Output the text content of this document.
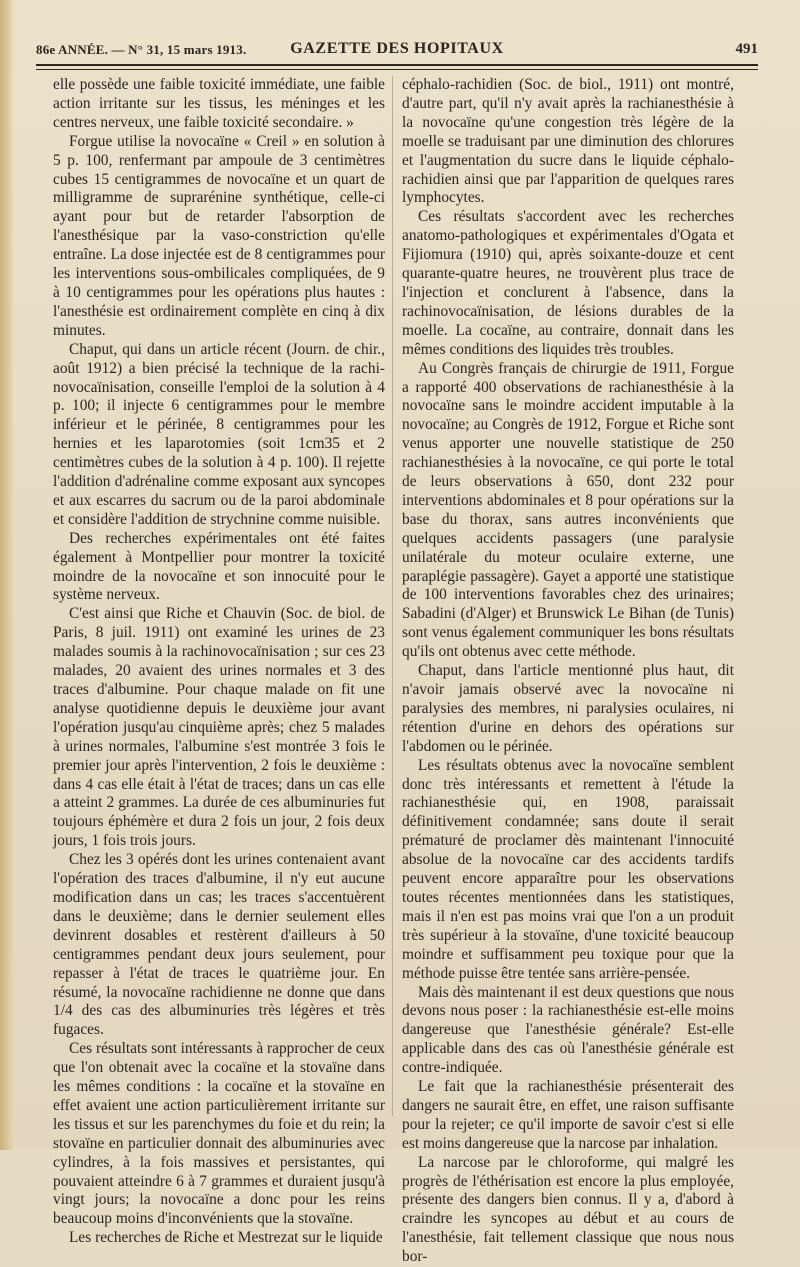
86e ANNÉE. — N° 31, 15 mars 1913.	GAZETTE DES HOPITAUX	491

elle possède une faible toxicité immédiate, une faible action irritante sur les tissus, les méninges et les centres nerveux, une faible toxicité secondaire. »

Forgue utilise la novocaïne « Creil » en solution à 5 p. 100, renfermant par ampoule de 3 centimètres cubes 15 centigrammes de novocaïne et un quart de milligramme de suprarénine synthétique, celle-ci ayant pour but de retarder l'absorption de l'anesthésique par la vaso-constriction qu'elle entraîne. La dose injectée est de 8 centigrammes pour les interventions sous-ombilicales compliquées, de 9 à 10 centigrammes pour les opérations plus hautes : l'anesthésie est ordinairement complète en cinq à dix minutes.

Chaput, qui dans un article récent (Journ. de chir., août 1912) a bien précisé la technique de la rachi-novocaïnisation, conseille l'emploi de la solution à 4 p. 100; il injecte 6 centigrammes pour le membre inférieur et le périnée, 8 centigrammes pour les hernies et les laparotomies (soit 1cm35 et 2 centimètres cubes de la solution à 4 p. 100). Il rejette l'addition d'adrénaline comme exposant aux syncopes et aux escarres du sacrum ou de la paroi abdominale et considère l'addition de strychnine comme nuisible.

Des recherches expérimentales ont été faites également à Montpellier pour montrer la toxicité moindre de la novocaïne et son innocuité pour le système nerveux.

C'est ainsi que Riche et Chauvin (Soc. de biol. de Paris, 8 juil. 1911) ont examiné les urines de 23 malades soumis à la rachinovocaïnisation ; sur ces 23 malades, 20 avaient des urines normales et 3 des traces d'albumine. Pour chaque malade on fit une analyse quotidienne depuis le deuxième jour avant l'opération jusqu'au cinquième après; chez 5 malades à urines normales, l'albumine s'est montrée 3 fois le premier jour après l'intervention, 2 fois le deuxième : dans 4 cas elle était à l'état de traces; dans un cas elle a atteint 2 grammes. La durée de ces albuminuries fut toujours éphémère et dura 2 fois un jour, 2 fois deux jours, 1 fois trois jours.

Chez les 3 opérés dont les urines contenaient avant l'opération des traces d'albumine, il n'y eut aucune modification dans un cas; les traces s'accentuèrent dans le deuxième; dans le dernier seulement elles devinrent dosables et restèrent d'ailleurs à 50 centigrammes pendant deux jours seulement, pour repasser à l'état de traces le quatrième jour. En résumé, la novocaïne rachidienne ne donne que dans 1/4 des cas des albuminuries très légères et très fugaces.

Ces résultats sont intéressants à rapprocher de ceux que l'on obtenait avec la cocaïne et la stovaïne dans les mêmes conditions : la cocaïne et la stovaïne en effet avaient une action particulièrement irritante sur les tissus et sur les parenchymes du foie et du rein; la stovaïne en particulier donnait des albuminuries avec cylindres, à la fois massives et persistantes, qui pouvaient atteindre 6 à 7 grammes et duraient jusqu'à vingt jours; la novocaïne a donc pour les reins beaucoup moins d'inconvénients que la stovaïne.

Les recherches de Riche et Mestrezat sur le liquide

céphalo-rachidien (Soc. de biol., 1911) ont montré, d'autre part, qu'il n'y avait après la rachianesthésie à la novocaïne qu'une congestion très légère de la moelle se traduisant par une diminution des chlorures et l'augmentation du sucre dans le liquide céphalo-rachidien ainsi que par l'apparition de quelques rares lymphocytes.

Ces résultats s'accordent avec les recherches anatomo-pathologiques et expérimentales d'Ogata et Fijiomura (1910) qui, après soixante-douze et cent quarante-quatre heures, ne trouvèrent plus trace de l'injection et conclurent à l'absence, dans la rachinovocaïnisation, de lésions durables de la moelle. La cocaïne, au contraire, donnait dans les mêmes conditions des liquides très troubles.

Au Congrès français de chirurgie de 1911, Forgue a rapporté 400 observations de rachianesthésie à la novocaïne sans le moindre accident imputable à la novocaïne; au Congrès de 1912, Forgue et Riche sont venus apporter une nouvelle statistique de 250 rachianesthésies à la novocaïne, ce qui porte le total de leurs observations à 650, dont 232 pour interventions abdominales et 8 pour opérations sur la base du thorax, sans autres inconvénients que quelques accidents passagers (une paralysie unilatérale du moteur oculaire externe, une paraplégie passagère). Gayet a apporté une statistique de 100 interventions favorables chez des urinaires; Sabadini (d'Alger) et Brunswick Le Bihan (de Tunis) sont venus également communiquer les bons résultats qu'ils ont obtenus avec cette méthode.

Chaput, dans l'article mentionné plus haut, dit n'avoir jamais observé avec la novocaïne ni paralysies des membres, ni paralysies oculaires, ni rétention d'urine en dehors des opérations sur l'abdomen ou le périnée.

Les résultats obtenus avec la novocaïne semblent donc très intéressants et remettent à l'étude la rachianesthésie qui, en 1908, paraissait définitivement condamnée; sans doute il serait prématuré de proclamer dès maintenant l'innocuité absolue de la novocaïne car des accidents tardifs peuvent encore apparaître pour les observations toutes récentes mentionnées dans les statistiques, mais il n'en est pas moins vrai que l'on a un produit très supérieur à la stovaïne, d'une toxicité beaucoup moindre et suffisamment peu toxique pour que la méthode puisse être tentée sans arrière-pensée.

Mais dès maintenant il est deux questions que nous devons nous poser : la rachianesthésie est-elle moins dangereuse que l'anesthésie générale? Est-elle applicable dans des cas où l'anesthésie générale est contre-indiquée.

Le fait que la rachianesthésie présenterait des dangers ne saurait être, en effet, une raison suffisante pour la rejeter; ce qu'il importe de savoir c'est si elle est moins dangereuse que la narcose par inhalation.

La narcose par le chloroforme, qui malgré les progrès de l'éthérisation est encore la plus employée, présente des dangers bien connus. Il y a, d'abord à craindre les syncopes au début et au cours de l'anesthésie, fait tellement classique que nous nous bor-
